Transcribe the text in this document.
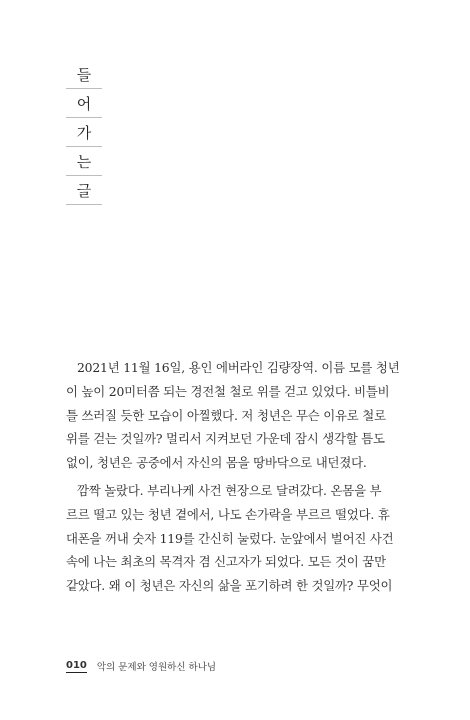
들
어
가
는
글
2021년 11월 16일, 용인 에버라인 김량장역. 이름 모를 청년
이 높이 20미터쯤 되는 경전철 철로 위를 걷고 있었다. 비틀비
틀 쓰러질 듯한 모습이 아찔했다. 저 청년은 무슨 이유로 철로
위를 걷는 것일까? 멀리서 지켜보던 가운데 잠시 생각할 틈도
없이, 청년은 공중에서 자신의 몸을 땅바닥으로 내던졌다.
깜짝 놀랐다. 부리나케 사건 현장으로 달려갔다. 온몸을 부
르르 떨고 있는 청년 곁에서, 나도 손가락을 부르르 떨었다. 휴
대폰을 꺼내 숫자 119를 간신히 눌렀다. 눈앞에서 벌어진 사건
속에 나는 최초의 목격자 겸 신고자가 되었다. 모든 것이 꿈만
같았다. 왜 이 청년은 자신의 삶을 포기하려 한 것일까? 무엇이
010 악의 문제와 영원하신 하나님
